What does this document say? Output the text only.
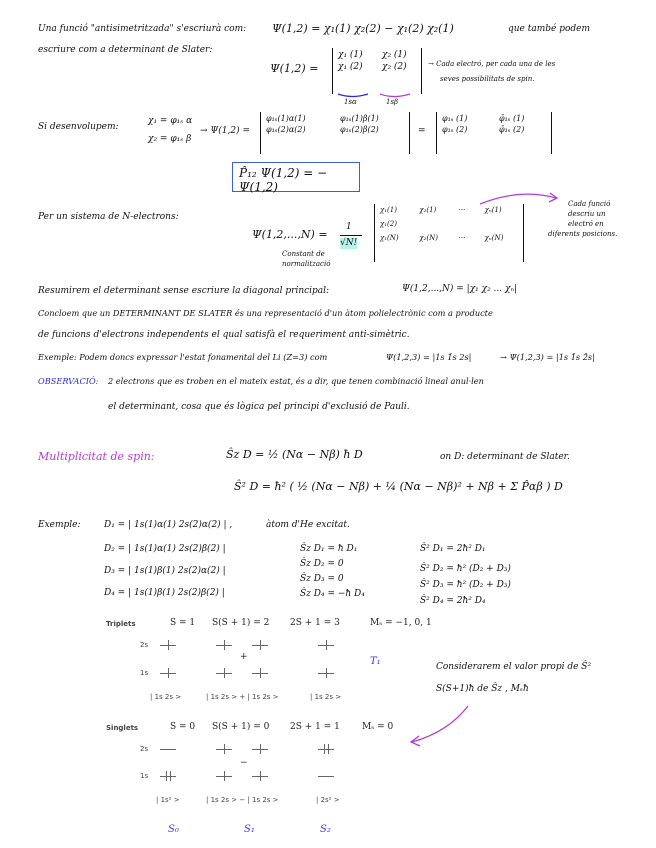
Una funció "antisimetritzada" s'escriurà com: Ψ(1,2) = χ₁(1) χ₂(2) − χ₁(2) χ₂(1)	que també podem
escriure com a determinant de Slater:
Ψ(1,2) =
χ₁ (1)	χ₂ (1)
χ₁ (2)	χ₂ (2)
1sα	1sβ
→ Cada electró, per cada una de les
seves possibilitats de spin.
Si desenvolupem:
χ₁ = φ₁ₛ α
χ₂ = φ₁ₛ β
→ Ψ(1,2) =
φ₁ₛ(1)α(1)	φ₁ₛ(1)β(1)
φ₁ₛ(2)α(2)	φ₁ₛ(2)β(2)	=
φ₁ₛ (1)	φ̄₁ₛ (1)
φ₁ₛ (2)	φ̄₁ₛ (2)
P̂₁₂ Ψ(1,2) = − Ψ(1,2)
Per un sistema de N-electrons:
Ψ(1,2,...,N) =
1
√N!
Constant de
normalització
χ₁(1)	χ₂(1)	···	χₙ(1)
χ₁(2)
χ₁(N)	χ₂(N)	···	χₙ(N)
Cada funció
descriu un
electró en
diferents posicions.
Resumirem el determinant sense escriure la diagonal principal:	Ψ(1,2,...,N) = |χ₁ χ₂ ... χₙ|
Concloem que un DETERMINANT DE SLATER és una representació d'un àtom polielectrònic com a producte
de funcions d'electrons independents el qual satisfà el requeriment anti-simètric.
Exemple: Podem doncs expressar l'estat fonamental del Li (Z=3) com	Ψ(1,2,3) = |1s 1̄s 2s|	→ Ψ(1,2,3) = |1s 1̄s 2̄s|
OBSERVACIÓ: 2 electrons que es troben en el mateix estat, és a dir, que tenen combinació lineal anul·len
el determinant, cosa que és lògica pel principi d'exclusió de Pauli.
Multiplicitat de spin:	Ŝz D = ½ (Nα − Nβ) ħ D	on D: determinant de Slater.
Ŝ² D = ħ² ( ½ (Nα − Nβ) + ¼ (Nα − Nβ)² + Nβ + Σ P̂αβ ) D
Exemple:	D₁ = | 1s(1)α(1) 2s(2)α(2) | ,	àtom d'He excitat.
D₂ = | 1s(1)α(1) 2s(2)β(2) |
D₃ = | 1s(1)β(1) 2s(2)α(2) |
D₄ = | 1s(1)β(1) 2s(2)β(2) |
Ŝz D₁ = ħ D₁
Ŝz D₂ = 0
Ŝz D₃ = 0
Ŝz D₄ = −ħ D₄
Ŝ² D₁ = 2ħ² D₁
Ŝ² D₂ = ħ² (D₂ + D₃)
Ŝ² D₃ = ħ² (D₂ + D₃)
Ŝ² D₄ = 2ħ² D₄
Triplets	S = 1 S(S + 1) = 2 2S + 1 = 3	Mₛ = −1, 0, 1
2s
1s
| 1s 2s >
+
| 1s 2s > + | 1s 2s >	| 1s 2s >
T₁	Considerarem el valor propi de Ŝ²
S(S+1)ħ de Ŝz , Mₛħ
Singlets	S = 0 S(S + 1) = 0 2S + 1 = 1 Mₛ = 0
2s
1s
| 1s² >
−
| 1s 2s > − | 1s 2s >	| 2s² >
S₀	S₁	S₂
